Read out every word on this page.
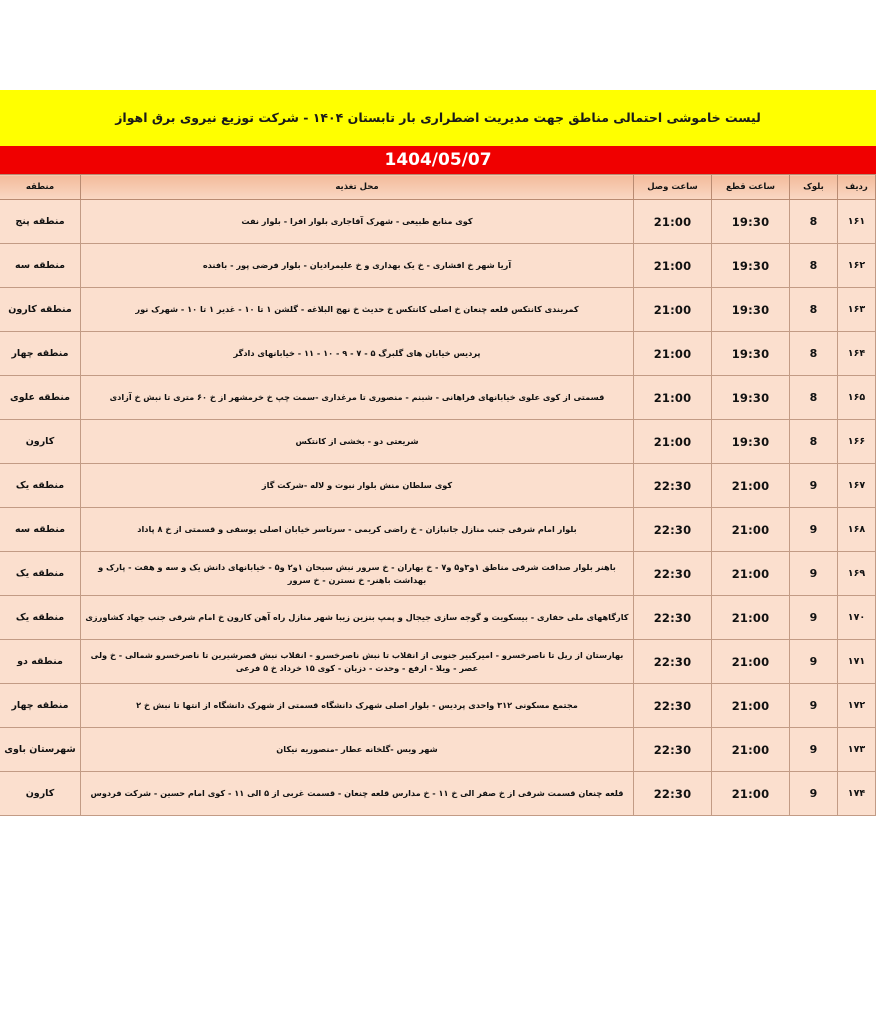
لیست خاموشی احتمالی مناطق جهت مدیریت اضطراری بار تابستان ۱۴۰۴ - شرکت توزیع نیروی برق اهواز
1404/05/07
ردیف	بلوک	ساعت قطع	ساعت وصل	محل تغذیه	منطقه
۱۶۱	8	19:30	21:00	کوی منابع طبیعی - شهرک آقاجاری بلوار افرا - بلوار نفت	منطقه پنج
۱۶۲	8	19:30	21:00	آریا شهر خ افشاری - خ یک بهداری و خ علیمرادیان - بلوار فرضی پور - بافنده	منطقه سه
۱۶۳	8	19:30	21:00	کمربندی کانتکس قلعه چنعان خ اصلی کانتکس خ حدیث خ نهج البلاغه - گلشن ۱ تا ۱۰ - غدیر ۱ تا ۱۰ - شهرک نور	منطقه کارون
۱۶۴	8	19:30	21:00	پردیس خیابان های گلبرگ ۵ - ۷ - ۹ - ۱۰ - ۱۱ - خیابانهای دادگر	منطقه چهار
۱۶۵	8	19:30	21:00	قسمتی از کوی علوی خیابانهای فراهانی - شبنم - منصوری تا مرغداری -سمت چپ خ خرمشهر از خ ۶۰ متری تا نبش خ آزادی	منطقه علوی
۱۶۶	8	19:30	21:00	شریعتی دو - بخشی از کانتکس	کارون
۱۶۷	9	21:00	22:30	کوی سلطان منش بلوار نبوت و لاله -شرکت گاز	منطقه یک
۱۶۸	9	21:00	22:30	بلوار امام شرقی جنب منازل جانبازان - خ راضی کریمی - سرتاسر خیابان اصلی یوسفی و قسمتی از خ ۸ پاداد	منطقه سه
۱۶۹	9	21:00	22:30	باهنر بلوار صداقت شرقی مناطق ۱و۳و۵ و۷ - خ بهاران - خ سرور نبش سبحان ۱و۲ و۵ - خیابانهای دانش یک و سه و هفت - پارک و بهداشت باهنر- خ نسترن - خ سرور	منطقه یک
۱۷۰	9	21:00	22:30	کارگاههای ملی حفاری - بیسکویت و گوجه سازی جیجال و پمپ بنزین زیبا شهر منازل راه آهن کارون خ امام شرقی جنب جهاد کشاورزی	منطقه یک
۱۷۱	9	21:00	22:30	بهارستان از ریل تا ناصرخسرو - امیرکبیر جنوبی از انقلاب تا نبش ناصرخسرو - انقلاب نبش قصرشیرین تا ناصرخسرو شمالی - خ ولی عصر - ویلا - ارفع - وحدت - دزبان - کوی ۱۵ خرداد خ ۵ فرعی	منطقه دو
۱۷۲	9	21:00	22:30	مجتمع مسکونی ۳۱۲ واحدی پردیس - بلوار اصلی شهرک دانشگاه قسمتی از شهرک دانشگاه از انتها تا نبش خ ۲	منطقه چهار
۱۷۳	9	21:00	22:30	شهر ویس -گلخانه عطار -منصوریه نیکان	شهرستان باوی
۱۷۴	9	21:00	22:30	قلعه چنعان قسمت شرقی از خ صفر الی خ ۱۱ - خ مدارس قلعه چنعان - قسمت غربی از ۵ الی ۱۱ - کوی امام حسین - شرکت فردوس	کارون
